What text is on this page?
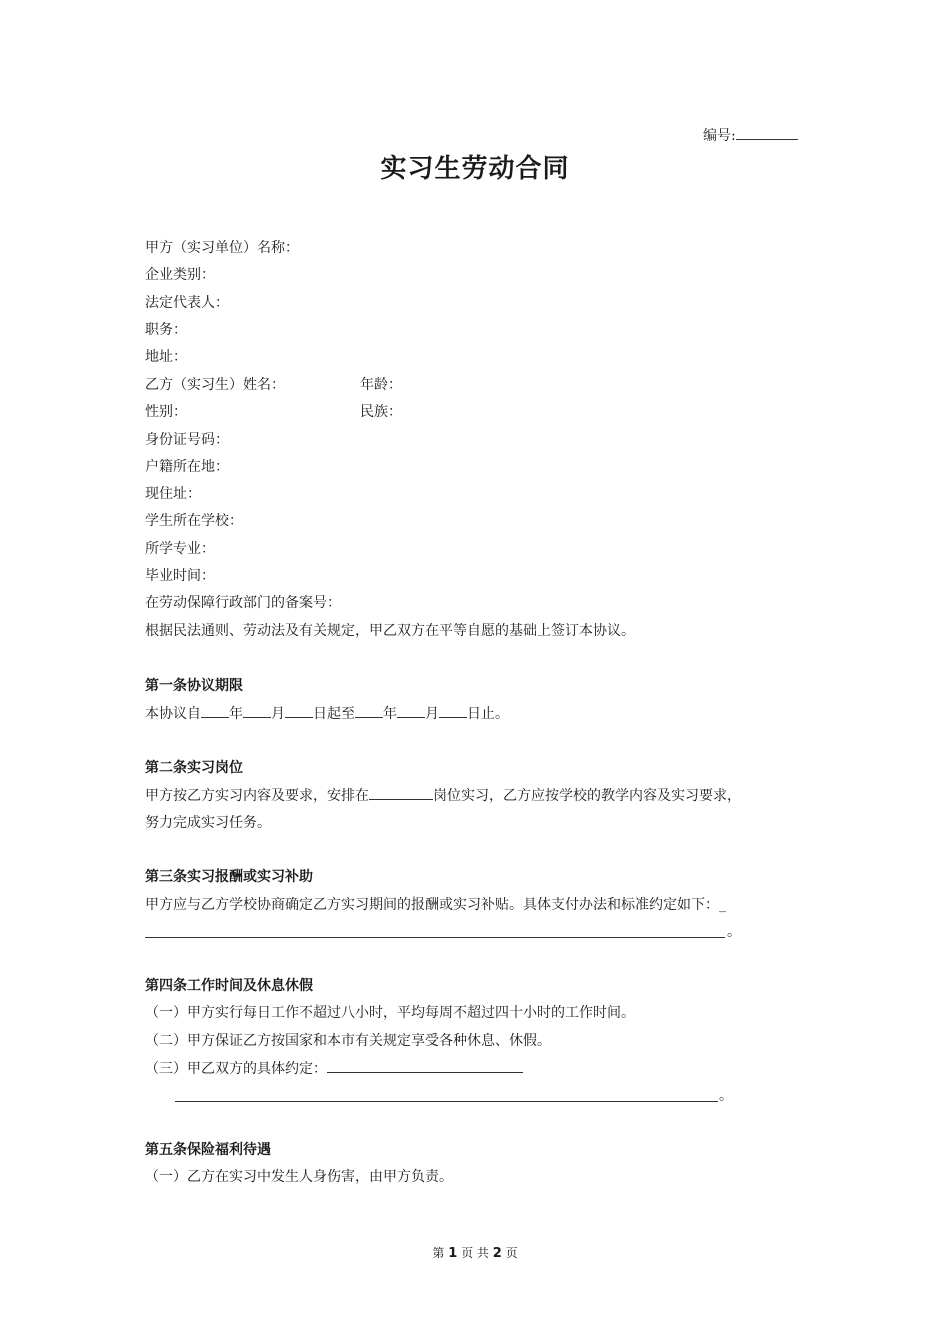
编号:
实习生劳动合同
甲方（实习单位）名称：
企业类别：
法定代表人：
职务：
地址：
乙方（实习生）姓名：	年龄：
性别：	民族：
身份证号码：
户籍所在地：
现住址：
学生所在学校：
所学专业：
毕业时间：
在劳动保障行政部门的备案号：
根据民法通则、劳动法及有关规定，甲乙双方在平等自愿的基础上签订本协议。
第一条协议期限
本协议自 年 月 日起至 年 月 日止。
第二条实习岗位
甲方按乙方实习内容及要求，安排在	岗位实习，乙方应按学校的教学内容及实习要求，
努力完成实习任务。
第三条实习报酬或实习补助
甲方应与乙方学校协商确定乙方实习期间的报酬或实习补贴。具体支付办法和标准约定如下：_
。
第四条工作时间及休息休假
（一）甲方实行每日工作不超过八小时，平均每周不超过四十小时的工作时间。
（二）甲方保证乙方按国家和本市有关规定享受各种休息、休假。
（三）甲乙双方的具体约定：
。
第五条保险福利待遇
（一）乙方在实习中发生人身伤害，由甲方负责。
第 1 页 共 2 页
